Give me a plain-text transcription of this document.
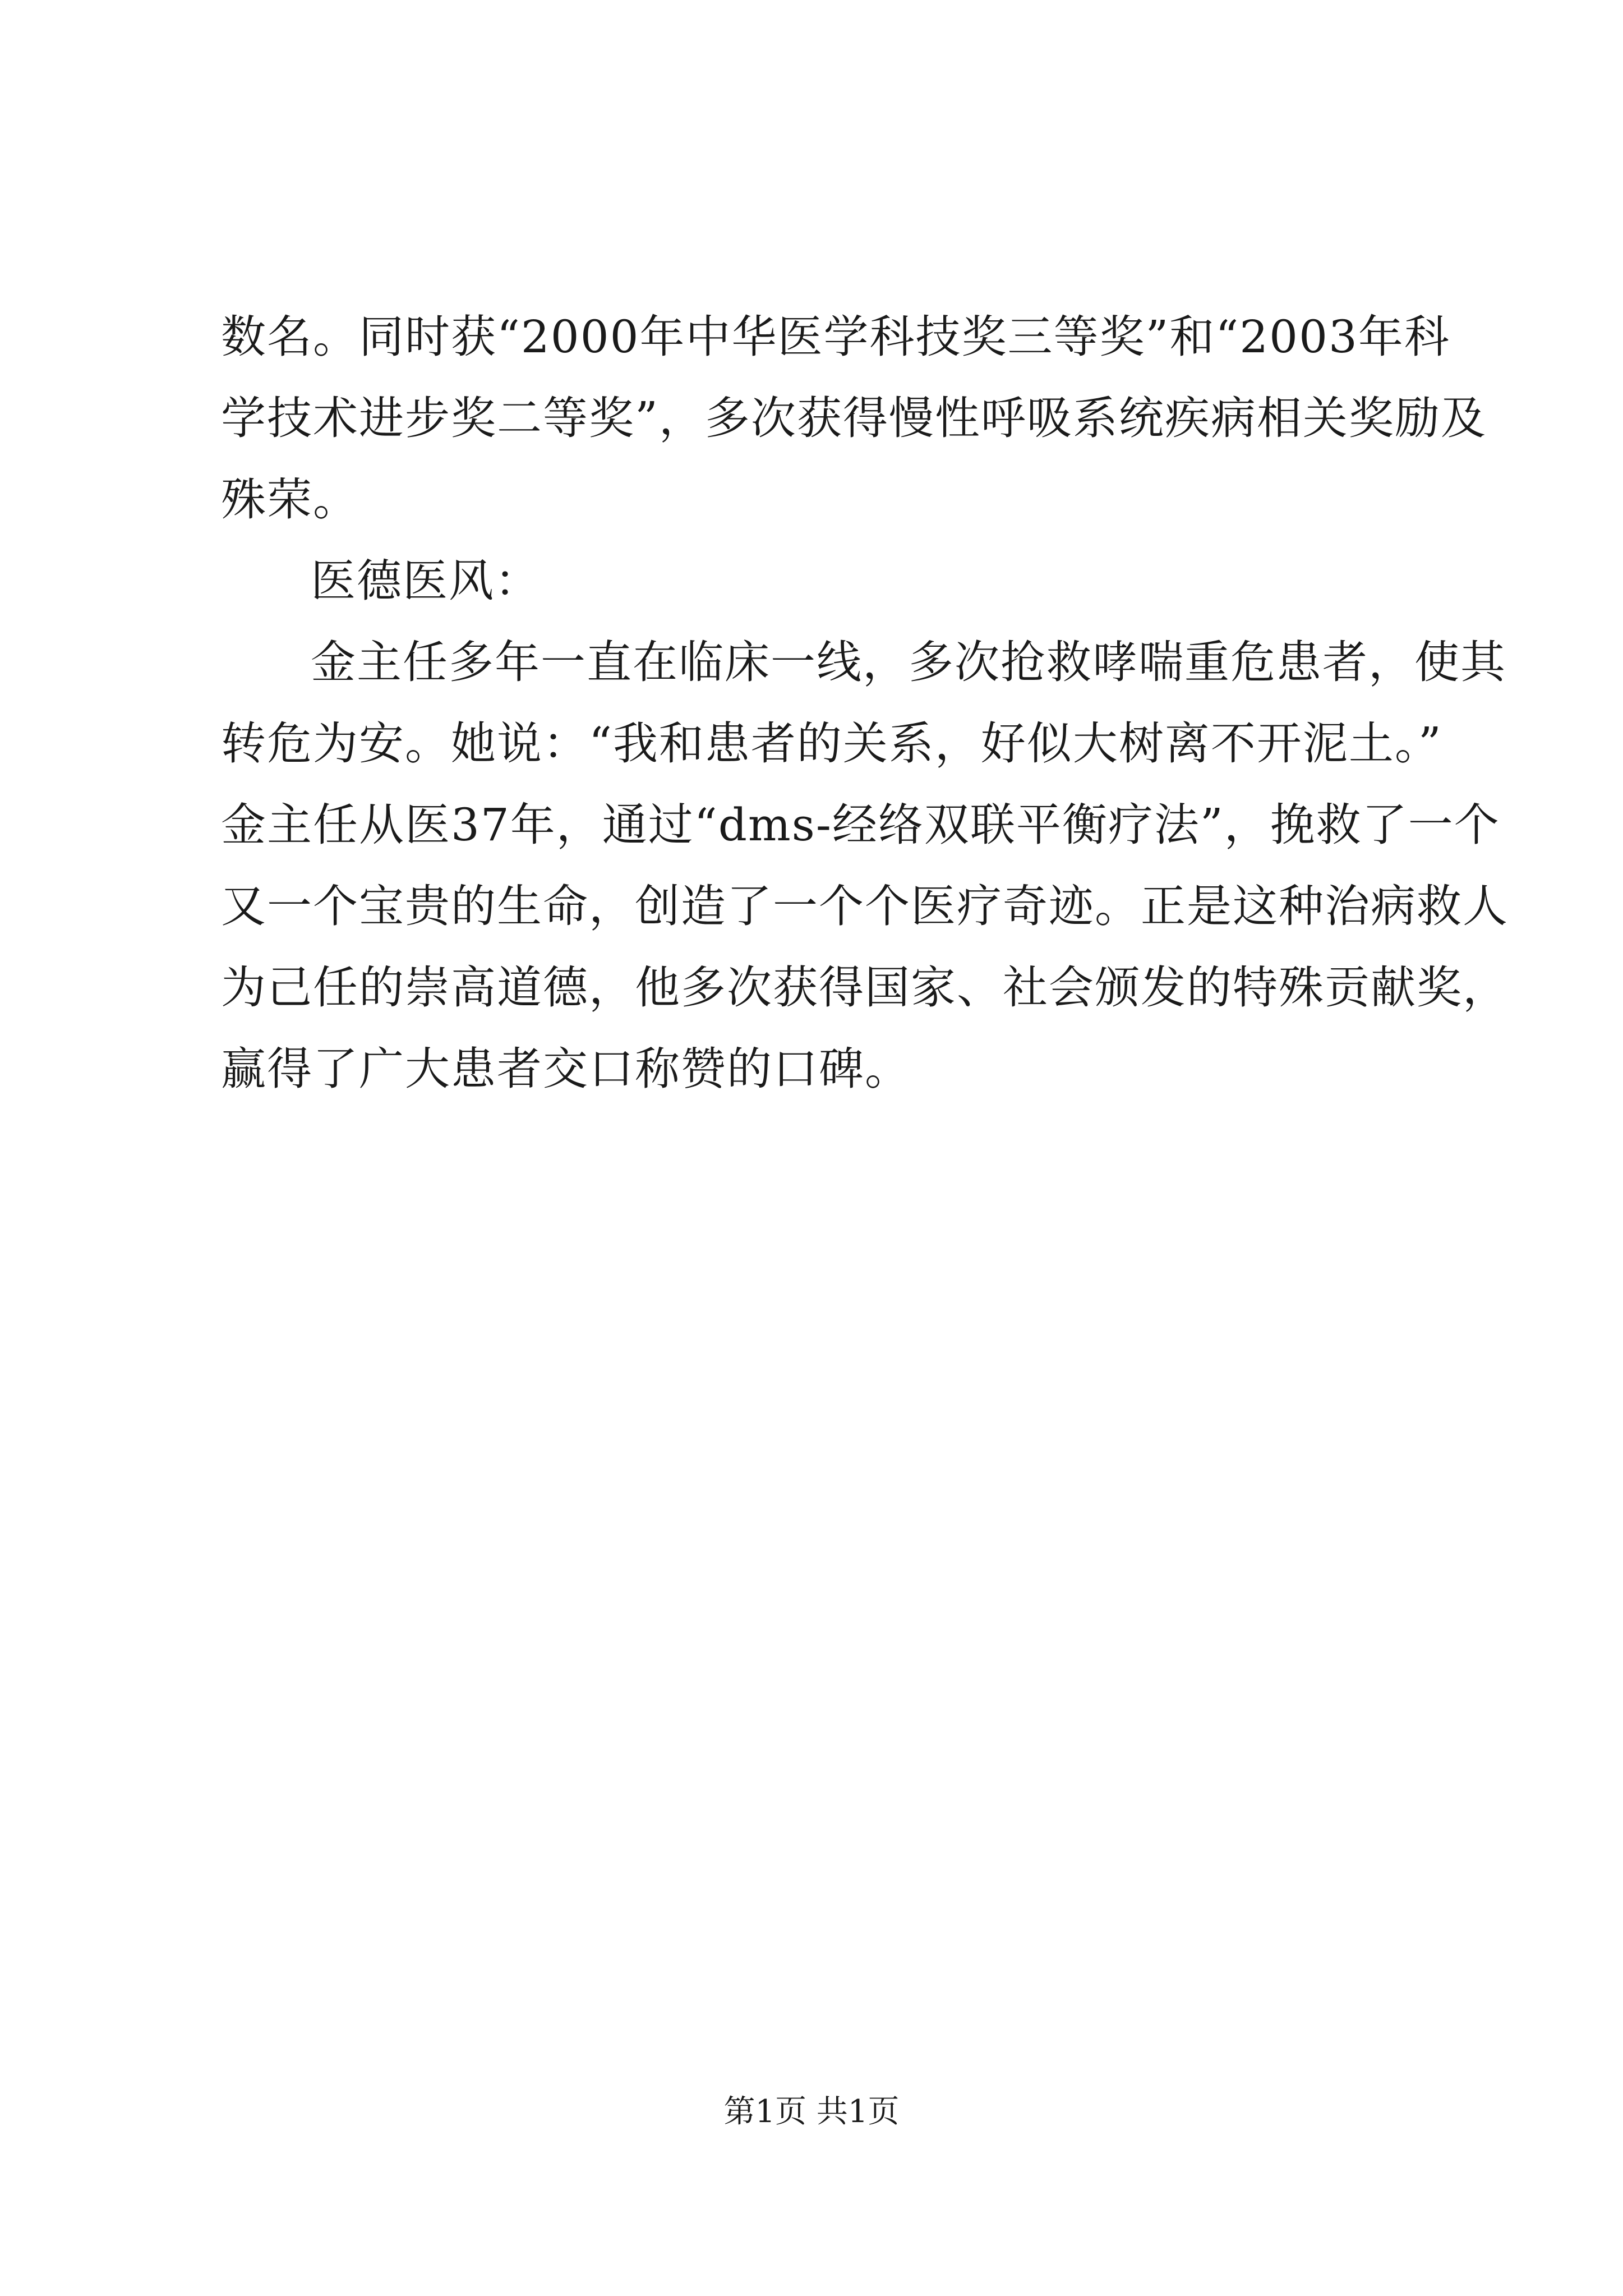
数名。同时获“2000年中华医学科技奖三等奖”和“2003年科
学技术进步奖二等奖”，多次获得慢性呼吸系统疾病相关奖励及
殊荣。
医德医风：
金主任多年一直在临床一线，多次抢救哮喘重危患者，使其
转危为安。她说：“我和患者的关系，好似大树离不开泥土。”
金主任从医37年，通过“dms-经络双联平衡疗法”，挽救了一个
又一个宝贵的生命，创造了一个个医疗奇迹。正是这种治病救人
为己任的崇高道德，他多次获得国家、社会颁发的特殊贡献奖，
赢得了广大患者交口称赞的口碑。
第1页 共1页
